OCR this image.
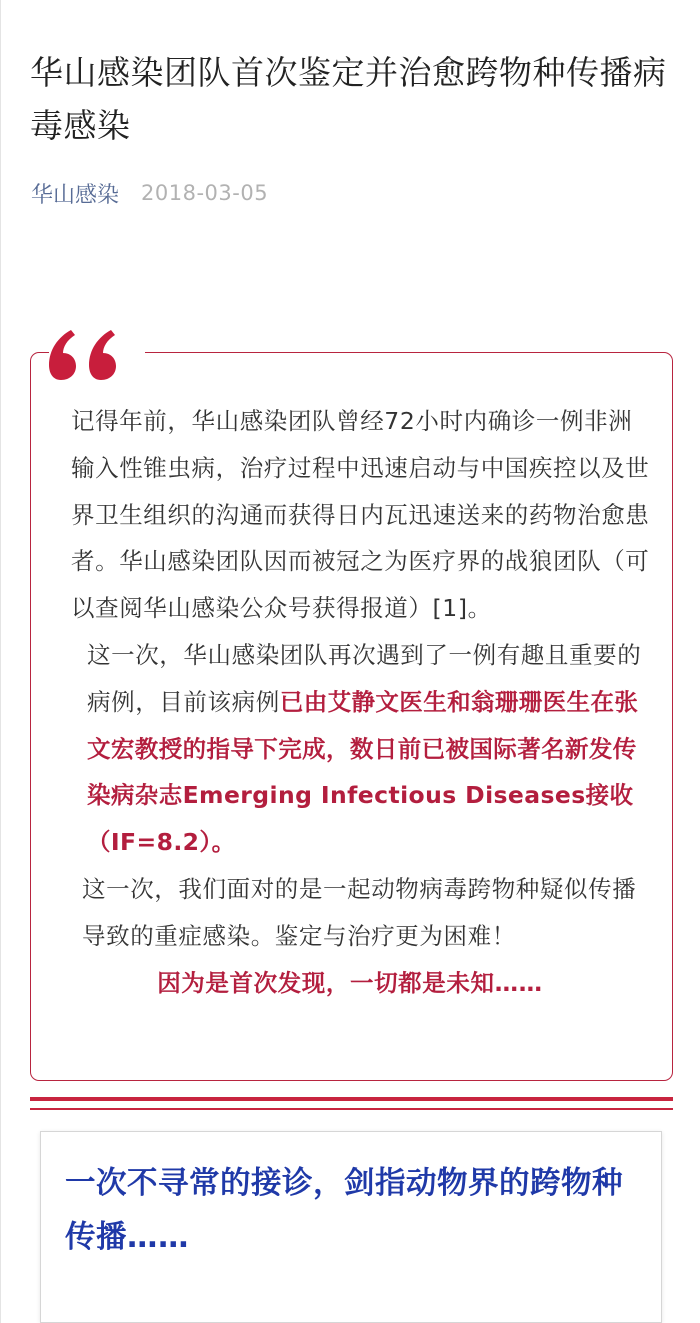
华山感染团队首次鉴定并治愈跨物种传播病毒感染
华山感染 2018-03-05

记得年前，华山感染团队曾经72小时内确诊一例非洲输入性锥虫病，治疗过程中迅速启动与中国疾控以及世界卫生组织的沟通而获得日内瓦迅速送来的药物治愈患者。华山感染团队因而被冠之为医疗界的战狼团队（可以查阅华山感染公众号获得报道）[1]。

这一次，华山感染团队再次遇到了一例有趣且重要的病例，目前该病例已由艾静文医生和翁珊珊医生在张文宏教授的指导下完成，数日前已被国际著名新发传染病杂志Emerging Infectious Diseases接收（IF=8.2）。

这一次，我们面对的是一起动物病毒跨物种疑似传播导致的重症感染。鉴定与治疗更为困难！

因为是首次发现，一切都是未知……

一次不寻常的接诊，剑指动物界的跨物种传播……
